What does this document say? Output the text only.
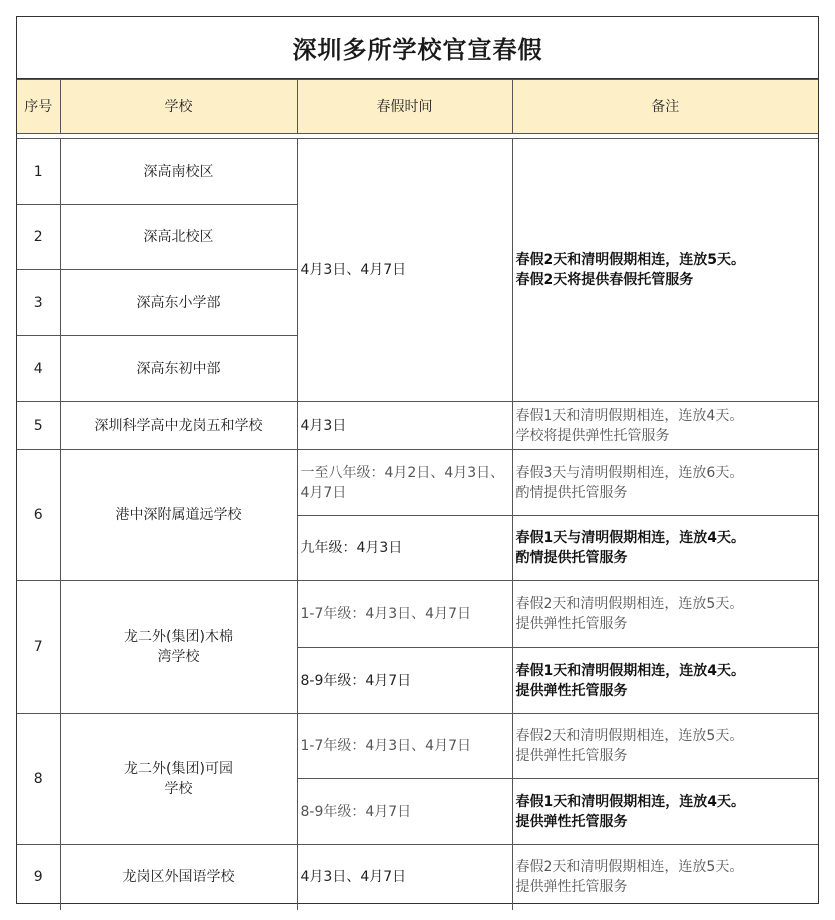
深圳多所学校官宣春假
序号	学校	春假时间	备注

1	深高南校区	4月3日、4月7日	春假2天和清明假期相连，连放5天。
春假2天将提供春假托管服务
2	深高北校区		
3	深高东小学部		
4	深高东初中部		
5	深圳科学高中龙岗五和学校	4月3日	春假1天和清明假期相连，连放4天。
学校将提供弹性托管服务
6	港中深附属道远学校	一至八年级：4月2日、4月3日、4月7日	春假3天与清明假期相连，连放6天。
酌情提供托管服务
		九年级：4月3日	春假1天与清明假期相连，连放4天。
酌情提供托管服务
7	龙二外(集团)木棉
湾学校	1-7年级：4月3日、4月7日	春假2天和清明假期相连，连放5天。
提供弹性托管服务
		8-9年级：4月7日	春假1天和清明假期相连，连放4天。
提供弹性托管服务
8	龙二外(集团)可园
学校	1-7年级：4月3日、4月7日	春假2天和清明假期相连，连放5天。
提供弹性托管服务
		8-9年级：4月7日	春假1天和清明假期相连，连放4天。
提供弹性托管服务
9	龙岗区外国语学校	4月3日、4月7日	春假2天和清明假期相连，连放5天。
提供弹性托管服务
